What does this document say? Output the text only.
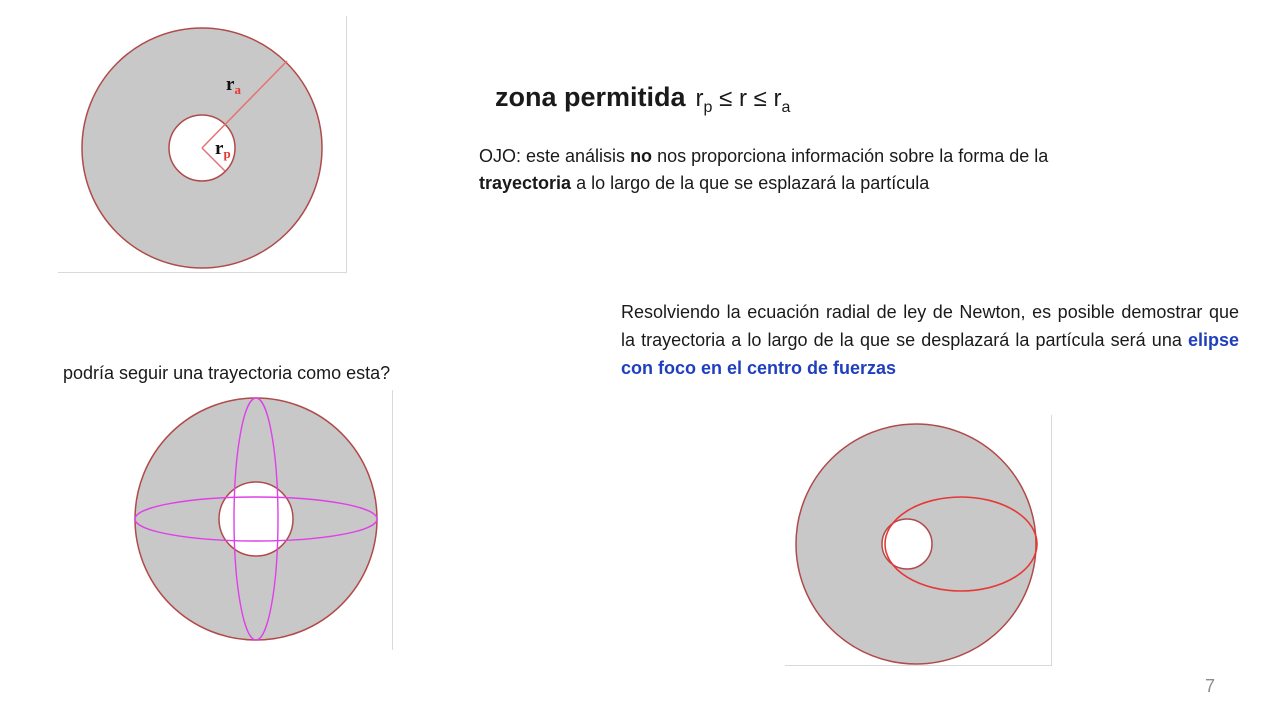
$r_a$
$r_p$
zona permitida $r_p \le r \le r_a$
OJO: este análisis no nos proporciona información sobre la forma de la trayectoria a lo largo de la que se esplazará la partícula
podría seguir una trayectoria como esta?
Resolviendo la ecuación radial de ley de Newton, es posible demostrar que la trayectoria a lo largo de la que se desplazará la partícula será una elipse con foco en el centro de fuerzas
7
